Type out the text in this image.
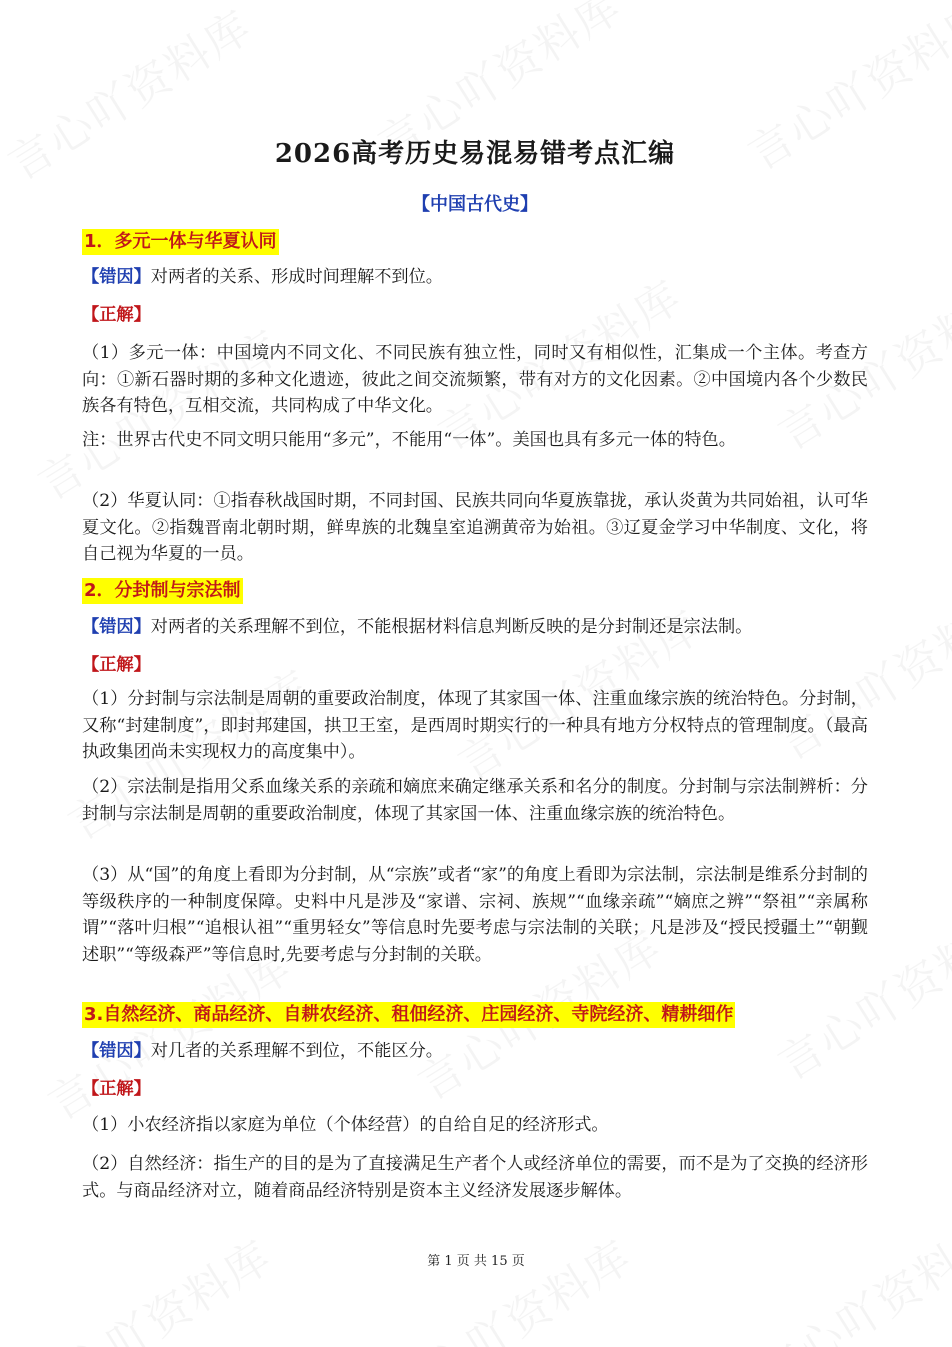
2026高考历史易混易错考点汇编
【中国古代史】
1．多元一体与华夏认同
【错因】对两者的关系、形成时间理解不到位。
【正解】
（1）多元一体：中国境内不同文化、不同民族有独立性，同时又有相似性，汇集成一个主体。考查方向：①新石器时期的多种文化遗迹，彼此之间交流频繁，带有对方的文化因素。②中国境内各个少数民族各有特色，互相交流，共同构成了中华文化。
注：世界古代史不同文明只能用“多元”，不能用“一体”。美国也具有多元一体的特色。
（2）华夏认同：①指春秋战国时期，不同封国、民族共同向华夏族靠拢，承认炎黄为共同始祖，认可华夏文化。②指魏晋南北朝时期，鲜卑族的北魏皇室追溯黄帝为始祖。③辽夏金学习中华制度、文化，将自己视为华夏的一员。
2．分封制与宗法制
【错因】对两者的关系理解不到位，不能根据材料信息判断反映的是分封制还是宗法制。
【正解】
（1）分封制与宗法制是周朝的重要政治制度，体现了其家国一体、注重血缘宗族的统治特色。分封制，又称“封建制度”，即封邦建国，拱卫王室，是西周时期实行的一种具有地方分权特点的管理制度。（最高执政集团尚未实现权力的高度集中）。
（2）宗法制是指用父系血缘关系的亲疏和嫡庶来确定继承关系和名分的制度。分封制与宗法制辨析：分封制与宗法制是周朝的重要政治制度，体现了其家国一体、注重血缘宗族的统治特色。
（3）从“国”的角度上看即为分封制，从“宗族”或者“家”的角度上看即为宗法制，宗法制是维系分封制的等级秩序的一种制度保障。史料中凡是涉及“家谱、宗祠、族规”“血缘亲疏”“嫡庶之辨”“祭祖”“亲属称谓”“落叶归根”“追根认祖”“重男轻女”等信息时先要考虑与宗法制的关联；凡是涉及“授民授疆土”“朝觐述职”“等级森严”等信息时,先要考虑与分封制的关联。
3.自然经济、商品经济、自耕农经济、租佃经济、庄园经济、寺院经济、精耕细作
【错因】对几者的关系理解不到位，不能区分。
【正解】
（1）小农经济指以家庭为单位（个体经营）的自给自足的经济形式。
（2）自然经济：指生产的目的是为了直接满足生产者个人或经济单位的需要，而不是为了交换的经济形式。与商品经济对立，随着商品经济特别是资本主义经济发展逐步解体。
第 1 页 共 15 页
